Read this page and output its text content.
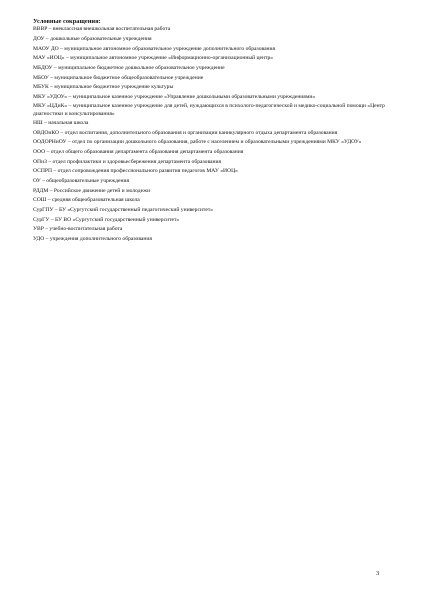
Условные сокращения:

ВВВР – внеклассная внешкольная воспитательная работа

ДОУ – дошкольные образовательные учреждения

МАОУ ДО – муниципальное автономное образовательное учреждение дополнительного образования

МАУ «ИОЦ» – муниципальное автономное учреждение «Информационно-организационный центр»

МБДОУ – муниципальное бюджетное дошкольное образовательное учреждение

МБОУ – муниципальное бюджетное общеобразовательное учреждение

МБУК – муниципальное бюджетное учреждение культуры

МКУ «УДОУ» – муниципальное казенное учреждение «Управление дошкольными образовательными учреждениями»

МКУ «ЦДиК» – муниципальное казенное учреждение для детей, нуждающихся в психолого-педагогической и медико-социальной помощи «Центр диагностики и консультирования»

НШ – начальная школа

ОВДОиКО – отдел воспитания, дополнительного образования и организации каникулярного отдыха департамента образования

ООДОРНиОУ – отдел по организации дошкольного образования, работе с населением и образовательными учреждениями МКУ «УДОУ»

ООО – отдел общего образования департамента образования департамента образования

ОПиЗ – отдел профилактики и здоровьесбережения департамента образования

ОСПРП – отдел сопровождения профессионального развития педагогов МАУ «ИОЦ»

ОУ – общеобразовательные учреждения

РДДМ – Российское движение детей и молодежи

СОШ – средняя общеобразовательная школа

СурГПУ – БУ «Сургутский государственный педагогический университет»

СурГУ – БУ ВО «Сургутский государственный университет»

УВР – учебно-воспитательная работа

УДО – учреждения дополнительного образования

3
